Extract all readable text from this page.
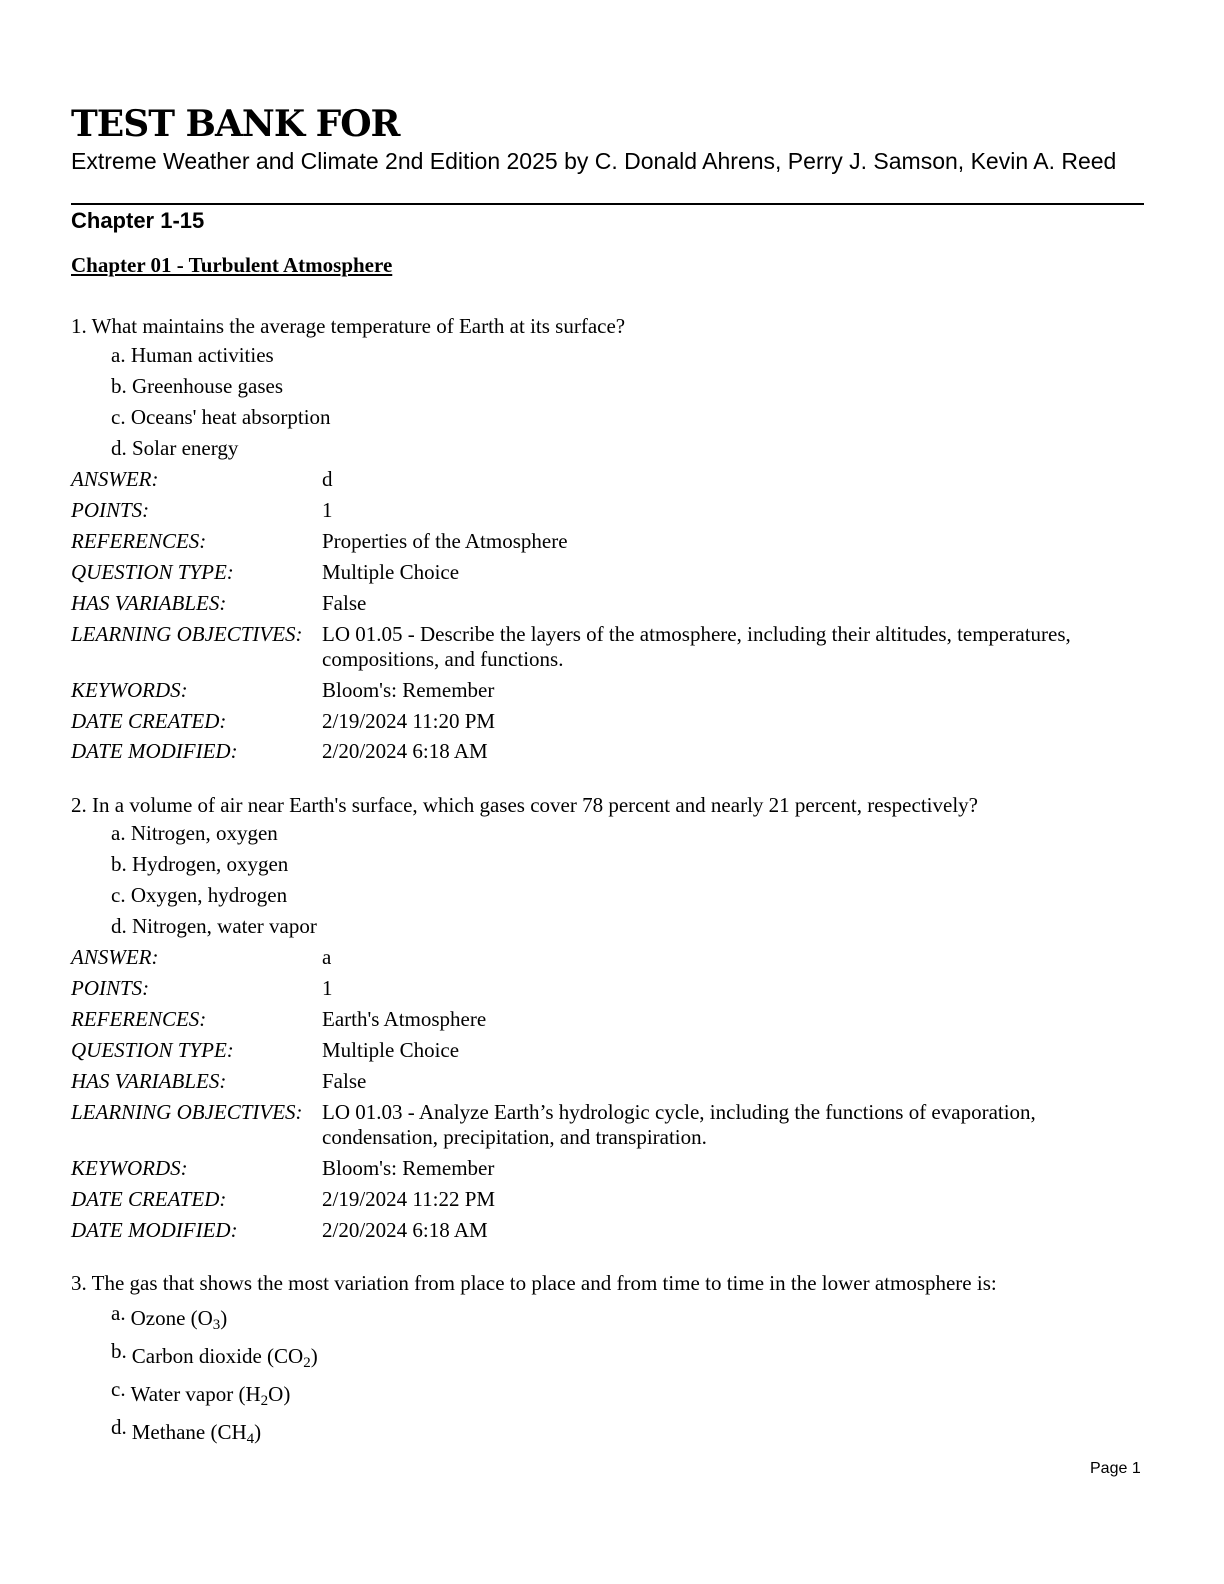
TEST BANK FOR

Extreme Weather and Climate 2nd Edition 2025 by C. Donald Ahrens, Perry J. Samson, Kevin A. Reed

Chapter 1-15

Chapter 01 - Turbulent Atmosphere

1. What maintains the average temperature of Earth at its surface?
a. Human activities
b. Greenhouse gases
c. Oceans' heat absorption
d. Solar energy
ANSWER:	d
POINTS:	1
REFERENCES:	Properties of the Atmosphere
QUESTION TYPE:	Multiple Choice
HAS VARIABLES:	False
LEARNING OBJECTIVES: LO 01.05 - Describe the layers of the atmosphere, including their altitudes, temperatures, compositions, and functions.
KEYWORDS:	Bloom's: Remember
DATE CREATED:	2/19/2024 11:20 PM
DATE MODIFIED:	2/20/2024 6:18 AM
2. In a volume of air near Earth's surface, which gases cover 78 percent and nearly 21 percent, respectively?
a. Nitrogen, oxygen
b. Hydrogen, oxygen
c. Oxygen, hydrogen
d. Nitrogen, water vapor
ANSWER:	a
POINTS:	1
REFERENCES:	Earth's Atmosphere
QUESTION TYPE:	Multiple Choice
HAS VARIABLES:	False
LEARNING OBJECTIVES: LO 01.03 - Analyze Earth’s hydrologic cycle, including the functions of evaporation, condensation, precipitation, and transpiration.
KEYWORDS:	Bloom's: Remember
DATE CREATED:	2/19/2024 11:22 PM
DATE MODIFIED:	2/20/2024 6:18 AM
3. The gas that shows the most variation from place to place and from time to time in the lower atmosphere is:
a. Ozone $(O_3)$
b. Carbon dioxide $(CO_2)$
c. Water vapor $(H_2O)$
d. Methane $(CH_4)$
Page 1
